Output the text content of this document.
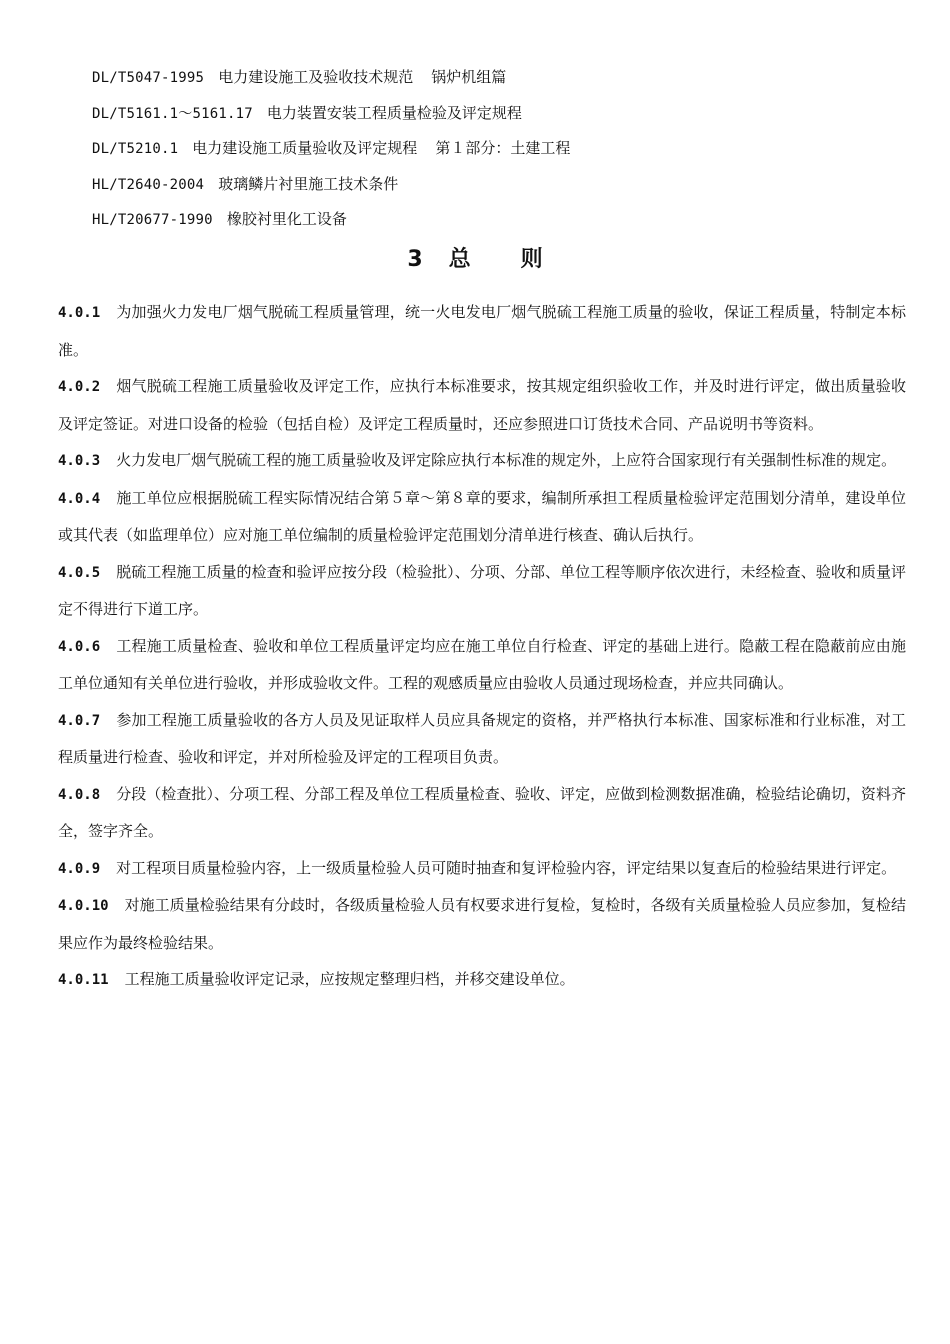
DL/T5047-1995 电力建设施工及验收技术规范 锅炉机组篇
DL/T5161.1～5161.17 电力装置安装工程质量检验及评定规程
DL/T5210.1 电力建设施工质量验收及评定规程 第１部分：土建工程
HL/T2640-2004 玻璃鳞片衬里施工技术条件
HL/T20677-1990 橡胶衬里化工设备
3 总 则
4.0.1 为加强火力发电厂烟气脱硫工程质量管理，统一火电发电厂烟气脱硫工程施工质量的验收，保证工程质量，特制定本标准。
4.0.2 烟气脱硫工程施工质量验收及评定工作，应执行本标准要求，按其规定组织验收工作，并及时进行评定，做出质量验收及评定签证。对进口设备的检验（包括自检）及评定工程质量时，还应参照进口订货技术合同、产品说明书等资料。
4.0.3 火力发电厂烟气脱硫工程的施工质量验收及评定除应执行本标准的规定外，上应符合国家现行有关强制性标准的规定。
4.0.4 施工单位应根据脱硫工程实际情况结合第５章～第８章的要求，编制所承担工程质量检验评定范围划分清单，建设单位或其代表（如监理单位）应对施工单位编制的质量检验评定范围划分清单进行核查、确认后执行。
4.0.5 脱硫工程施工质量的检查和验评应按分段（检验批）、分项、分部、单位工程等顺序依次进行，未经检查、验收和质量评定不得进行下道工序。
4.0.6 工程施工质量检查、验收和单位工程质量评定均应在施工单位自行检查、评定的基础上进行。隐蔽工程在隐蔽前应由施工单位通知有关单位进行验收，并形成验收文件。工程的观感质量应由验收人员通过现场检查，并应共同确认。
4.0.7 参加工程施工质量验收的各方人员及见证取样人员应具备规定的资格，并严格执行本标准、国家标准和行业标准，对工程质量进行检查、验收和评定，并对所检验及评定的工程项目负责。
4.0.8 分段（检查批）、分项工程、分部工程及单位工程质量检查、验收、评定，应做到检测数据准确，检验结论确切，资料齐全，签字齐全。
4.0.9 对工程项目质量检验内容，上一级质量检验人员可随时抽查和复评检验内容，评定结果以复查后的检验结果进行评定。
4.0.10 对施工质量检验结果有分歧时，各级质量检验人员有权要求进行复检，复检时，各级有关质量检验人员应参加，复检结果应作为最终检验结果。
4.0.11 工程施工质量验收评定记录，应按规定整理归档，并移交建设单位。
